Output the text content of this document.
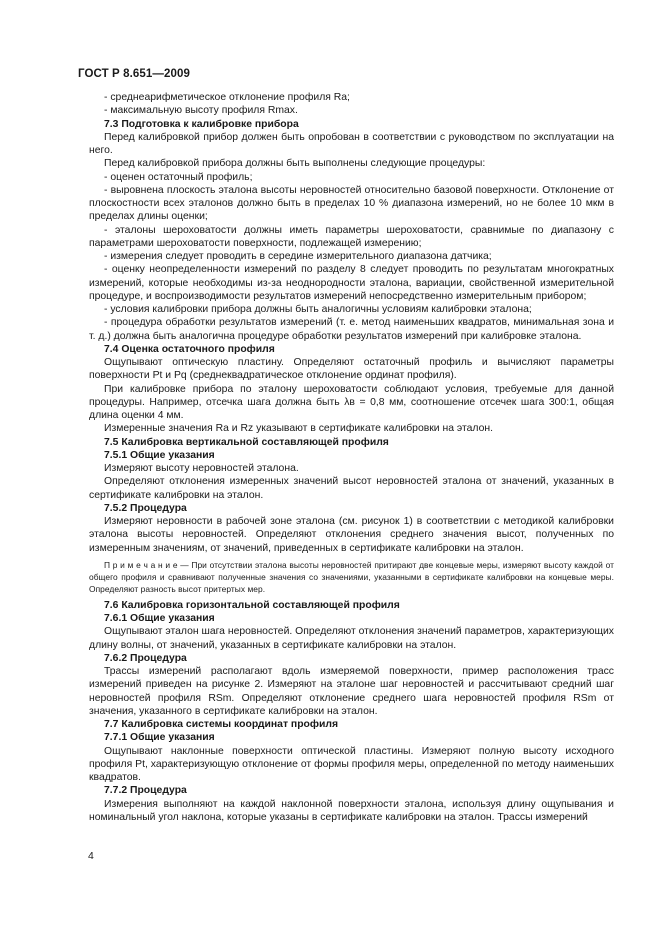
ГОСТ Р 8.651—2009

- среднеарифметическое отклонение профиля Ra;

- максимальную высоту профиля Rmax.

7.3 Подготовка к калибровке прибора

Перед калибровкой прибор должен быть опробован в соответствии с руководством по эксплуатации на него.

Перед калибровкой прибора должны быть выполнены следующие процедуры:

- оценен остаточный профиль;

- выровнена плоскость эталона высоты неровностей относительно базовой поверхности. Отклонение от плоскостности всех эталонов должно быть в пределах 10 % диапазона измерений, но не более 10 мкм в пределах длины оценки;

- эталоны шероховатости должны иметь параметры шероховатости, сравнимые по диапазону с параметрами шероховатости поверхности, подлежащей измерению;

- измерения следует проводить в середине измерительного диапазона датчика;

- оценку неопределенности измерений по разделу 8 следует проводить по результатам многократных измерений, которые необходимы из-за неоднородности эталона, вариации, свойственной измерительной процедуре, и воспроизводимости результатов измерений непосредственно измерительным прибором;

- условия калибровки прибора должны быть аналогичны условиям калибровки эталона;

- процедура обработки результатов измерений (т. е. метод наименьших квадратов, минимальная зона и т. д.) должна быть аналогична процедуре обработки результатов измерений при калибровке эталона.

7.4 Оценка остаточного профиля

Ощупывают оптическую пластину. Определяют остаточный профиль и вычисляют параметры поверхности Pt и Pq (среднеквадратическое отклонение ординат профиля).

При калибровке прибора по эталону шероховатости соблюдают условия, требуемые для данной процедуры. Например, отсечка шага должна быть λв = 0,8 мм, соотношение отсечек шага 300:1, общая длина оценки 4 мм.

Измеренные значения Ra и Rz указывают в сертификате калибровки на эталон.

7.5 Калибровка вертикальной составляющей профиля

7.5.1 Общие указания

Измеряют высоту неровностей эталона.

Определяют отклонения измеренных значений высот неровностей эталона от значений, указанных в сертификате калибровки на эталон.

7.5.2 Процедура

Измеряют неровности в рабочей зоне эталона (см. рисунок 1) в соответствии с методикой калибровки эталона высоты неровностей. Определяют отклонения среднего значения высот, полученных по измеренным значениям, от значений, приведенных в сертификате калибровки на эталон.

П р и м е ч а н и е — При отсутствии эталона высоты неровностей притирают две концевые меры, измеряют высоту каждой от общего профиля и сравнивают полученные значения со значениями, указанными в сертификате калибровки на концевые меры. Определяют разность высот притертых мер.

7.6 Калибровка горизонтальной составляющей профиля

7.6.1 Общие указания

Ощупывают эталон шага неровностей. Определяют отклонения значений параметров, характеризующих длину волны, от значений, указанных в сертификате калибровки на эталон.

7.6.2 Процедура

Трассы измерений располагают вдоль измеряемой поверхности, пример расположения трасс измерений приведен на рисунке 2. Измеряют на эталоне шаг неровностей и рассчитывают средний шаг неровностей профиля RSm. Определяют отклонение среднего шага неровностей профиля RSm от значения, указанного в сертификате калибровки на эталон.

7.7 Калибровка системы координат профиля

7.7.1 Общие указания

Ощупывают наклонные поверхности оптической пластины. Измеряют полную высоту исходного профиля Pt, характеризующую отклонение от формы профиля меры, определенной по методу наименьших квадратов.

7.7.2 Процедура

Измерения выполняют на каждой наклонной поверхности эталона, используя длину ощупывания и номинальный угол наклона, которые указаны в сертификате калибровки на эталон. Трассы измерений

4
